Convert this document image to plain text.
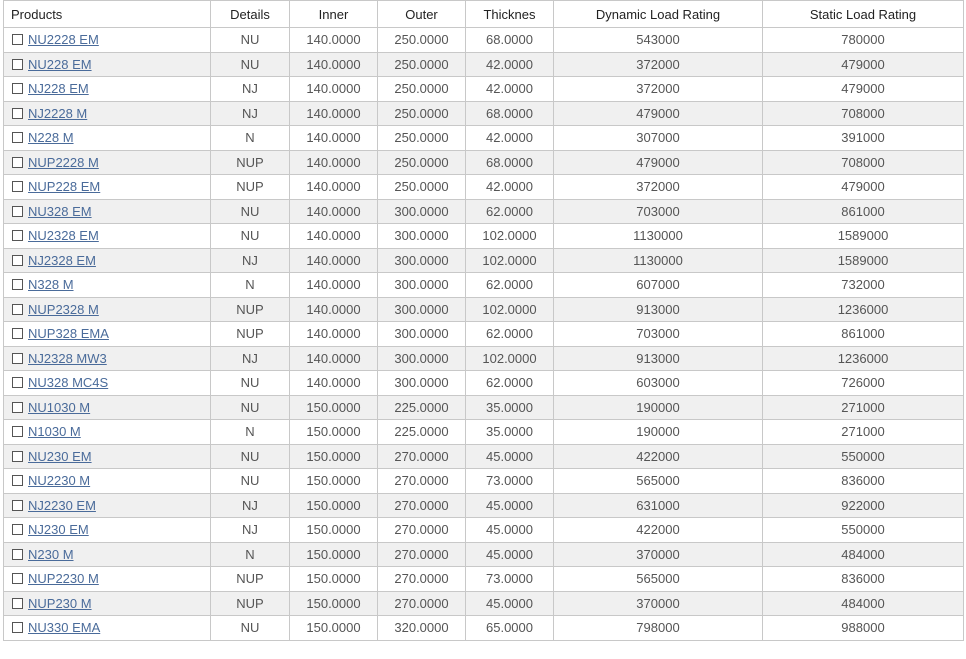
Products	Details	Inner	Outer	Thicknes	Dynamic Load Rating	Static Load Rating
NU2228 EM	NU	140.0000	250.0000	68.0000	543000	780000
NU228 EM	NU	140.0000	250.0000	42.0000	372000	479000
NJ228 EM	NJ	140.0000	250.0000	42.0000	372000	479000
NJ2228 M	NJ	140.0000	250.0000	68.0000	479000	708000
N228 M	N	140.0000	250.0000	42.0000	307000	391000
NUP2228 M	NUP	140.0000	250.0000	68.0000	479000	708000
NUP228 EM	NUP	140.0000	250.0000	42.0000	372000	479000
NU328 EM	NU	140.0000	300.0000	62.0000	703000	861000
NU2328 EM	NU	140.0000	300.0000	102.0000	1130000	1589000
NJ2328 EM	NJ	140.0000	300.0000	102.0000	1130000	1589000
N328 M	N	140.0000	300.0000	62.0000	607000	732000
NUP2328 M	NUP	140.0000	300.0000	102.0000	913000	1236000
NUP328 EMA	NUP	140.0000	300.0000	62.0000	703000	861000
NJ2328 MW3	NJ	140.0000	300.0000	102.0000	913000	1236000
NU328 MC4S	NU	140.0000	300.0000	62.0000	603000	726000
NU1030 M	NU	150.0000	225.0000	35.0000	190000	271000
N1030 M	N	150.0000	225.0000	35.0000	190000	271000
NU230 EM	NU	150.0000	270.0000	45.0000	422000	550000
NU2230 M	NU	150.0000	270.0000	73.0000	565000	836000
NJ2230 EM	NJ	150.0000	270.0000	45.0000	631000	922000
NJ230 EM	NJ	150.0000	270.0000	45.0000	422000	550000
N230 M	N	150.0000	270.0000	45.0000	370000	484000
NUP2230 M	NUP	150.0000	270.0000	73.0000	565000	836000
NUP230 M	NUP	150.0000	270.0000	45.0000	370000	484000
NU330 EMA	NU	150.0000	320.0000	65.0000	798000	988000
